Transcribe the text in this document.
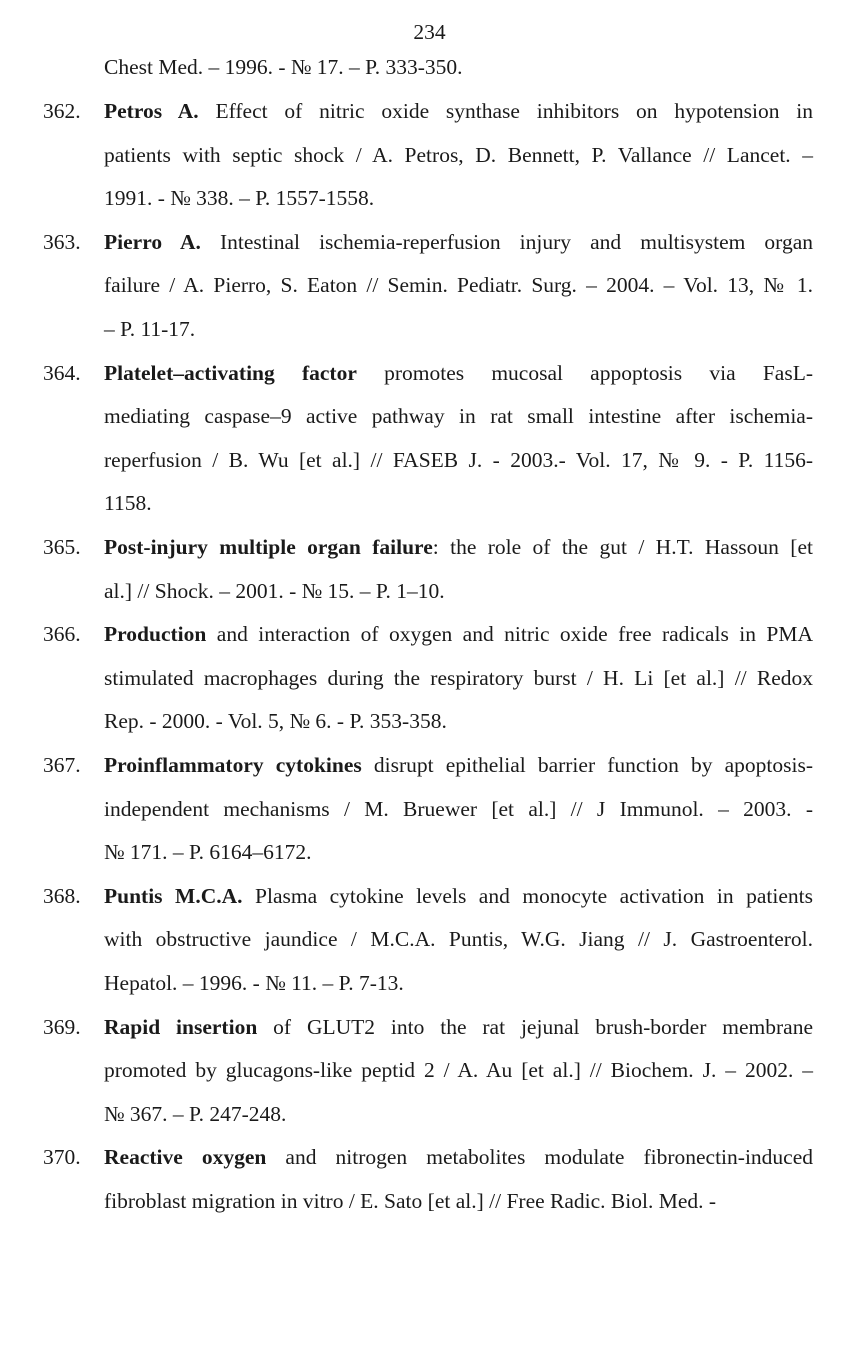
234
Chest Med. – 1996. - № 17. – P. 333-350.
362. Petros A. Effect of nitric oxide synthase inhibitors on hypotension in
patients with septic shock / A. Petros, D. Bennett, P. Vallance // Lancet. –
1991. - № 338. – P. 1557-1558.
363. Pierro A. Intestinal ischemia-reperfusion injury and multisystem organ
failure / A. Pierro, S. Eaton // Semin. Pediatr. Surg. – 2004. – Vol. 13, № 1.
– P. 11-17.
364. Platelet–activating factor promotes mucosal appoptosis via FasL-
mediating caspase–9 active pathway in rat small intestine after ischemia-
reperfusion / B. Wu [et al.] // FASEB J. - 2003.- Vol. 17, № 9. - P. 1156-
1158.
365. Post-injury multiple organ failure: the role of the gut / H.T. Hassoun [et
al.] // Shock. – 2001. - № 15. – P. 1–10.
366. Production and interaction of oxygen and nitric oxide free radicals in PMA
stimulated macrophages during the respiratory burst / H. Li [et al.] // Redox
Rep. - 2000. - Vol. 5, № 6. - P. 353-358.
367. Proinflammatory cytokines disrupt epithelial barrier function by apoptosis-
independent mechanisms / M. Bruewer [et al.] // J Immunol. – 2003. -
№ 171. – P. 6164–6172.
368. Puntis M.C.A. Plasma cytokine levels and monocyte activation in patients
with obstructive jaundice / M.C.A. Puntis, W.G. Jiang // J. Gastroenterol.
Hepatol. – 1996. - № 11. – P. 7-13.
369. Rapid insertion of GLUT2 into the rat jejunal brush-border membrane
promoted by glucagons-like peptid 2 / A. Au [et al.] // Biochem. J. – 2002. –
№ 367. – P. 247-248.
370. Reactive oxygen and nitrogen metabolites modulate fibronectin-induced
fibroblast migration in vitro / E. Sato [et al.] // Free Radic. Biol. Med. -
